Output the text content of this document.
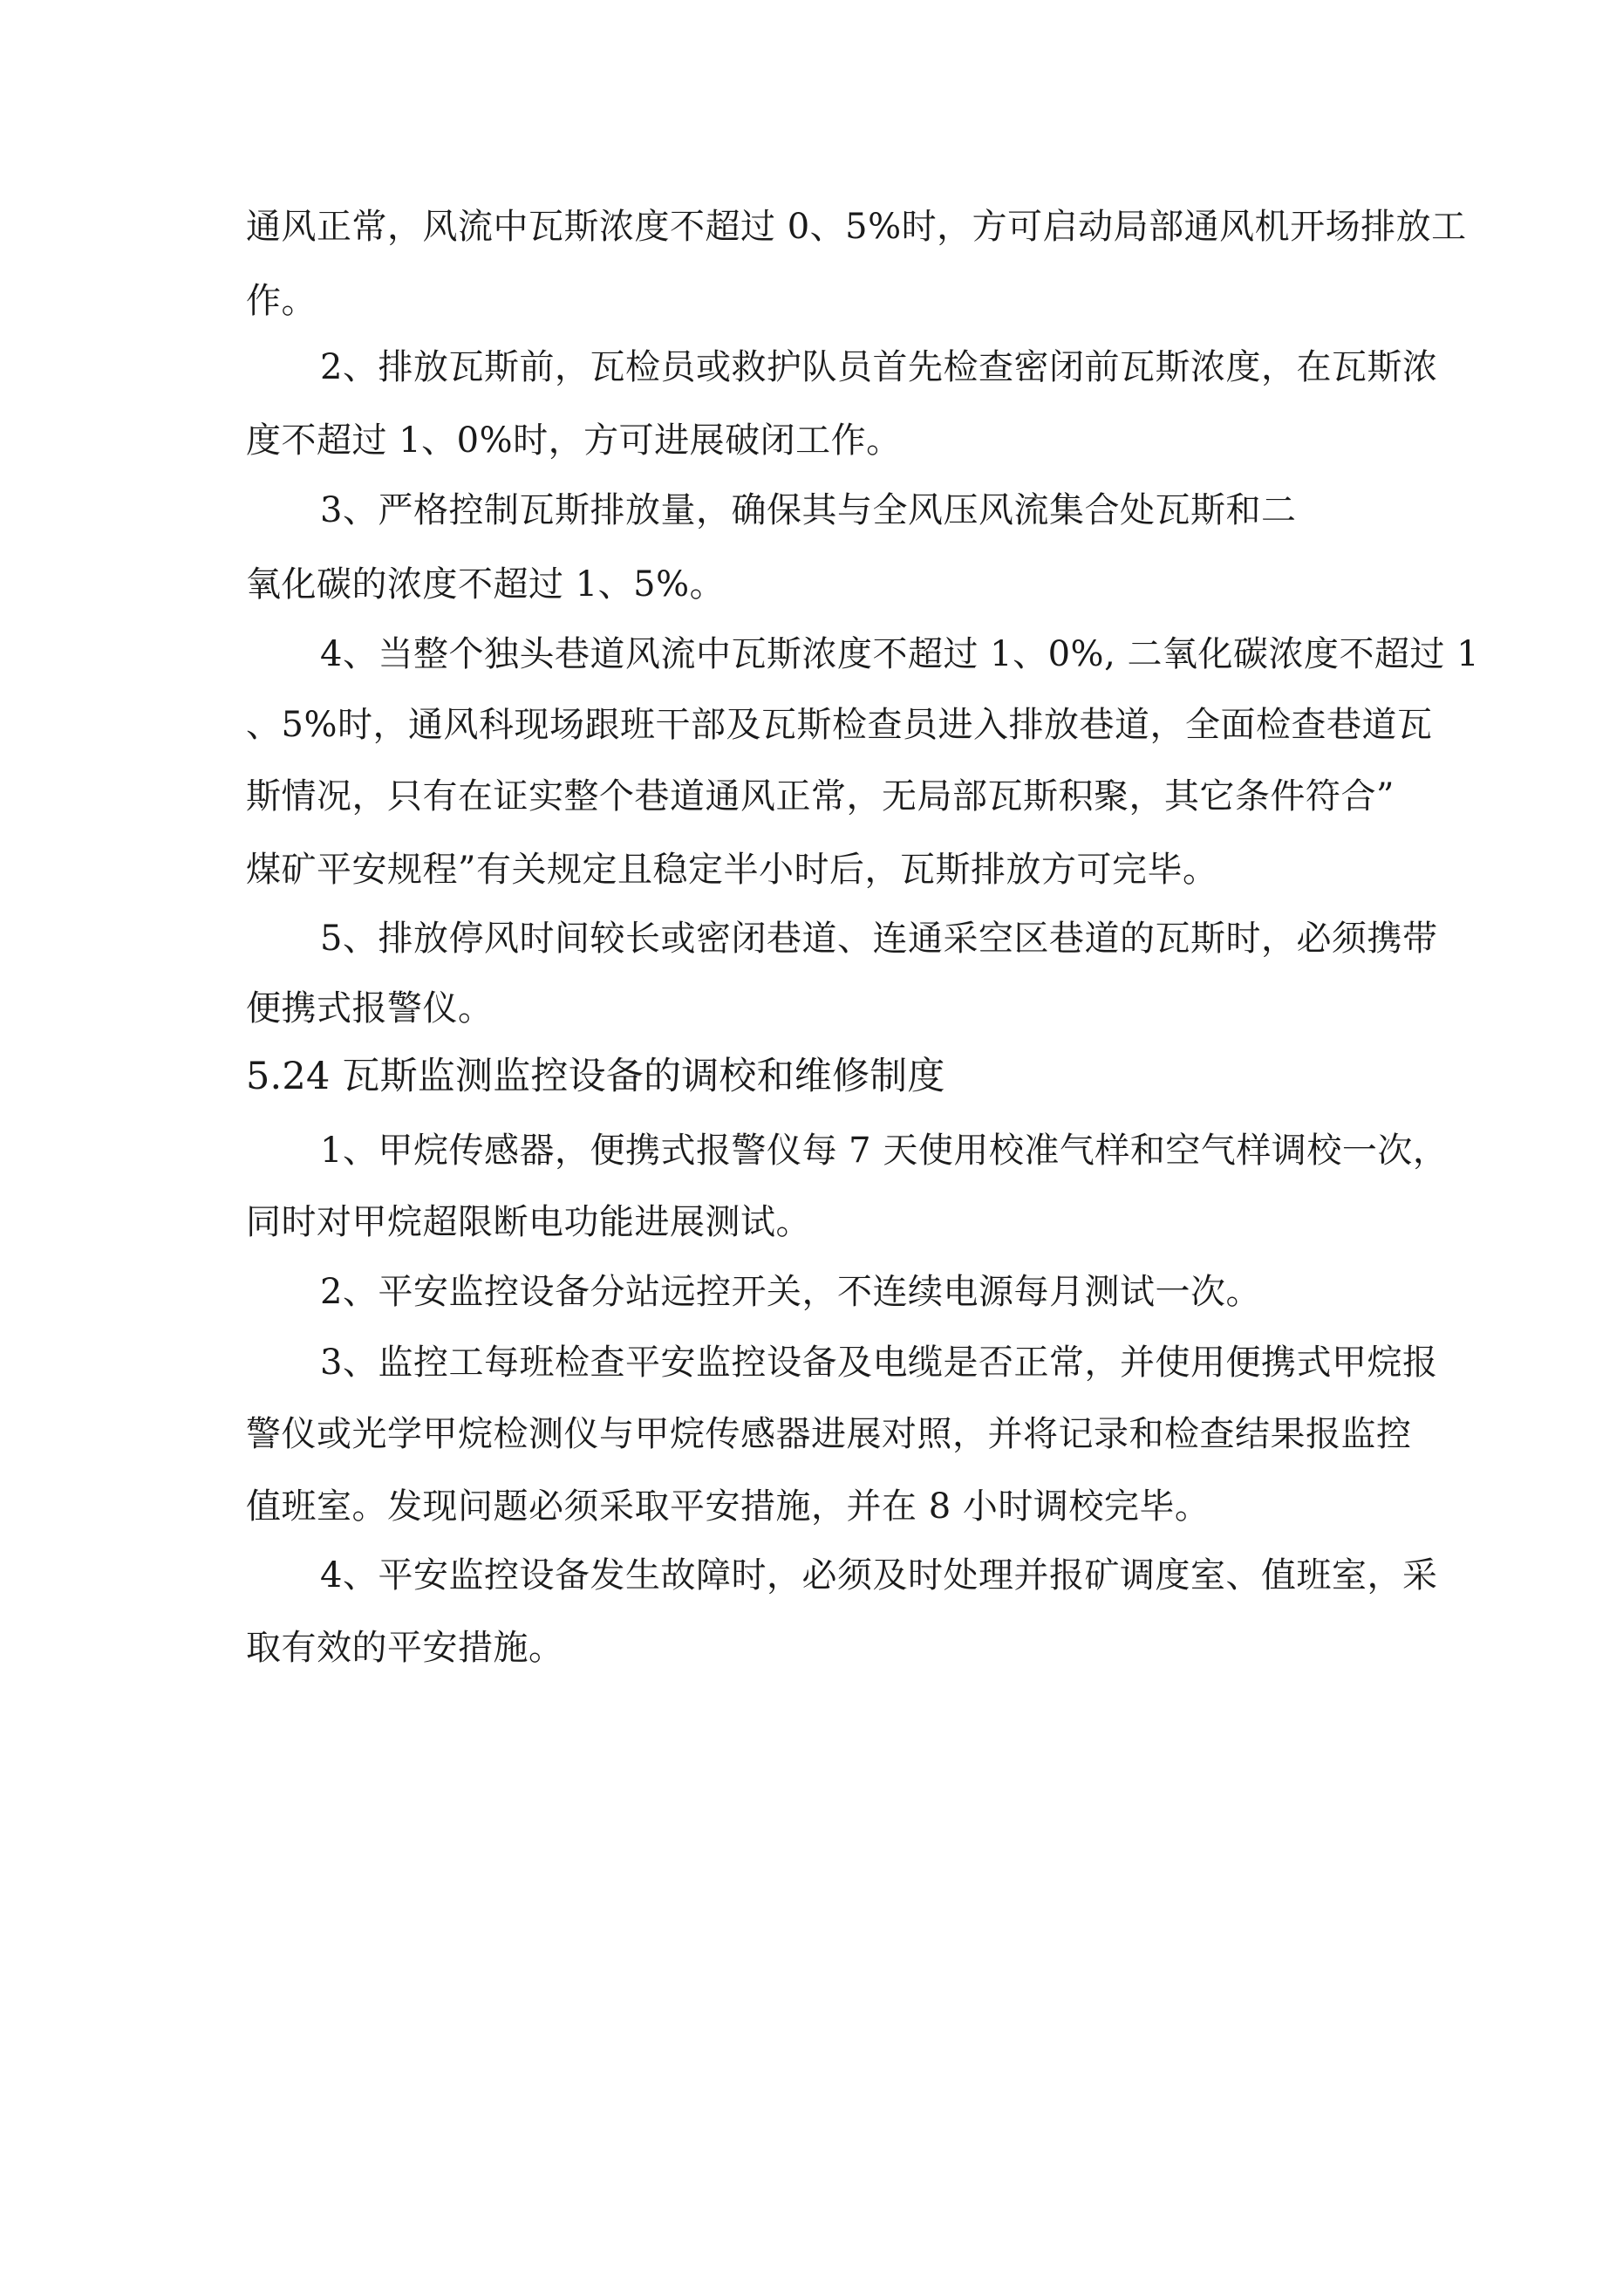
通风正常，风流中瓦斯浓度不超过 0、5%时，方可启动局部通风机开场排放工
作。
2、排放瓦斯前，瓦检员或救护队员首先检查密闭前瓦斯浓度，在瓦斯浓
度不超过 1、0%时，方可进展破闭工作。
3、严格控制瓦斯排放量，确保其与全风压风流集合处瓦斯和二
氧化碳的浓度不超过 1、5%。
4、当整个独头巷道风流中瓦斯浓度不超过 1、0%, 二氧化碳浓度不超过 1
、5%时，通风科现场跟班干部及瓦斯检查员进入排放巷道，全面检查巷道瓦
斯情况，只有在证实整个巷道通风正常，无局部瓦斯积聚，其它条件符合”
煤矿平安规程”有关规定且稳定半小时后，瓦斯排放方可完毕。
5、排放停风时间较长或密闭巷道、连通采空区巷道的瓦斯时，必须携带
便携式报警仪。
5.24 瓦斯监测监控设备的调校和维修制度
1、甲烷传感器，便携式报警仪每 7 天使用校准气样和空气样调校一次，
同时对甲烷超限断电功能进展测试。
2、平安监控设备分站远控开关，不连续电源每月测试一次。
3、监控工每班检查平安监控设备及电缆是否正常，并使用便携式甲烷报
警仪或光学甲烷检测仪与甲烷传感器进展对照，并将记录和检查结果报监控
值班室。发现问题必须采取平安措施，并在 8 小时调校完毕。
4、平安监控设备发生故障时，必须及时处理并报矿调度室、值班室，采
取有效的平安措施。
